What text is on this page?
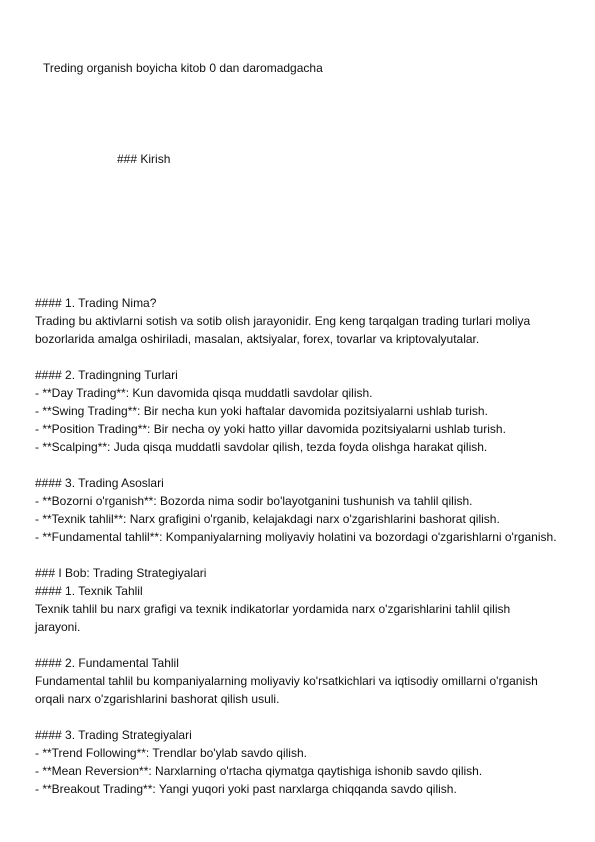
Treding organish boyicha kitob 0 dan daromadgacha
### Kirish
#### 1. Trading Nima?
Trading bu aktivlarni sotish va sotib olish jarayonidir. Eng keng tarqalgan trading turlari moliya
bozorlarida amalga oshiriladi, masalan, aktsiyalar, forex, tovarlar va kriptovalyutalar.
#### 2. Tradingning Turlari
- **Day Trading**: Kun davomida qisqa muddatli savdolar qilish.
- **Swing Trading**: Bir necha kun yoki haftalar davomida pozitsiyalarni ushlab turish.
- **Position Trading**: Bir necha oy yoki hatto yillar davomida pozitsiyalarni ushlab turish.
- **Scalping**: Juda qisqa muddatli savdolar qilish, tezda foyda olishga harakat qilish.
#### 3. Trading Asoslari
- **Bozorni o'rganish**: Bozorda nima sodir bo'layotganini tushunish va tahlil qilish.
- **Texnik tahlil**: Narx grafigini o'rganib, kelajakdagi narx o'zgarishlarini bashorat qilish.
- **Fundamental tahlil**: Kompaniyalarning moliyaviy holatini va bozordagi o'zgarishlarni o'rganish.
### I Bob: Trading Strategiyalari
#### 1. Texnik Tahlil
Texnik tahlil bu narx grafigi va texnik indikatorlar yordamida narx o'zgarishlarini tahlil qilish
jarayoni.
#### 2. Fundamental Tahlil
Fundamental tahlil bu kompaniyalarning moliyaviy ko'rsatkichlari va iqtisodiy omillarni o'rganish
orqali narx o'zgarishlarini bashorat qilish usuli.
#### 3. Trading Strategiyalari
- **Trend Following**: Trendlar bo'ylab savdo qilish.
- **Mean Reversion**: Narxlarning o'rtacha qiymatga qaytishiga ishonib savdo qilish.
- **Breakout Trading**: Yangi yuqori yoki past narxlarga chiqqanda savdo qilish.
